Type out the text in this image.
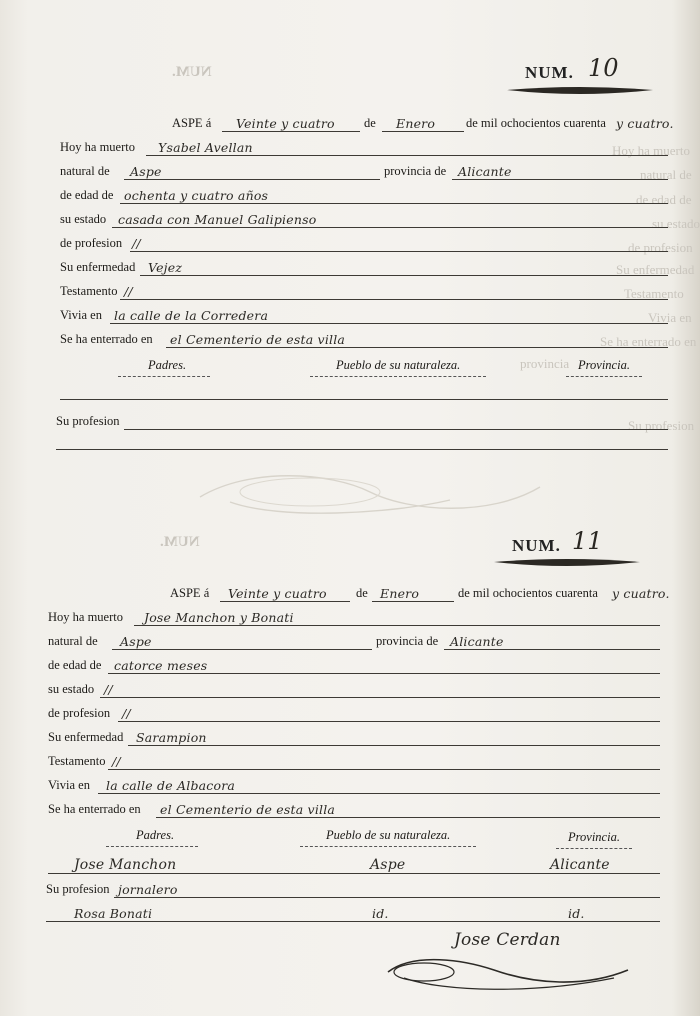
NUM.
NUM.
Hoy ha muerto
natural de
de edad de
su estado
de profesion
Su enfermedad
Testamento
Vivia en
Se ha enterrado en
provincia
Su profesion
NUM. 10
ASPE á Veinte y cuatro de Enero de mil ochocientos cuarenta y cuatro.
Hoy ha muerto Ysabel Avellan
natural de Aspe	provincia de Alicante
de edad de ochenta y cuatro años
su estado casada con Manuel Galipienso
de profesion //
Su enfermedad Vejez
Testamento //
Vivia en la calle de la Corredera
Se ha enterrado en el Cementerio de esta villa
Padres.	Pueblo de su naturaleza.	Provincia.
Su profesion
NUM. 11
ASPE á Veinte y cuatro de Enero	de mil ochocientos cuarenta y cuatro.
Hoy ha muerto Jose Manchon y Bonati
natural de Aspe	provincia de Alicante
de edad de catorce meses
su estado //
de profesion //
Su enfermedad Sarampion
Testamento //
Vivia en la calle de Albacora
Se ha enterrado en el Cementerio de esta villa
Padres.	Pueblo de su naturaleza.	Provincia.
Jose Manchon	Aspe	Alicante
Su profesion jornalero
Rosa Bonati	id.	id.
Jose Cerdan
